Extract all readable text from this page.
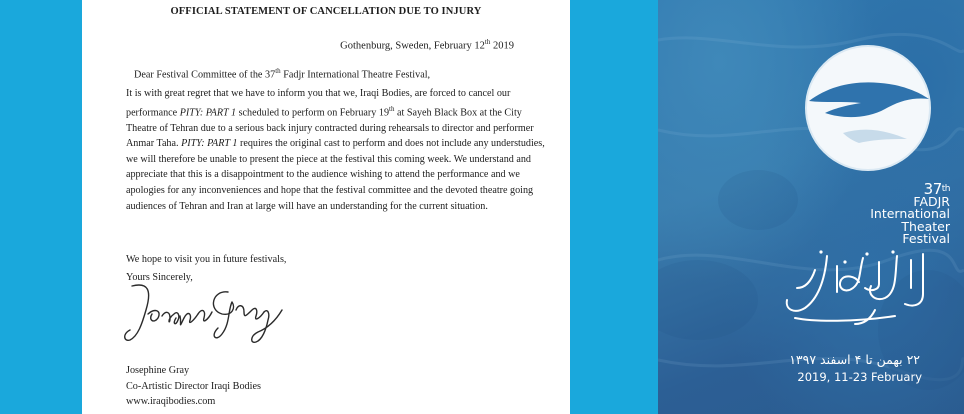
OFFICIAL STATEMENT OF CANCELLATION DUE TO INJURY
Gothenburg, Sweden, February 12th 2019
Dear Festival Committee of the 37th Fadjr International Theatre Festival,

It is with great regret that we have to inform you that we, Iraqi Bodies, are forced to cancel our performance PITY: PART 1 scheduled to perform on February 19th at Sayeh Black Box at the City Theatre of Tehran due to a serious back injury contracted during rehearsals to director and performer Anmar Taha. PITY: PART 1 requires the original cast to perform and does not include any understudies, we will therefore be unable to present the piece at the festival this coming week. We understand and appreciate that this is a disappointment to the audience wishing to attend the performance and we apologies for any inconveniences and hope that the festival committee and the devoted theatre going audiences of Tehran and Iran at large will have an understanding for the current situation.

We hope to visit you in future festivals,
Yours Sincerely,
Josephine Gray
Co-Artistic Director Iraqi Bodies
www.iraqibodies.com
37th
FADJR
International
Theater
Festival
۲۲ بهمن تا ۴ اسفند ۱۳۹۷
2019, 11-23 February
